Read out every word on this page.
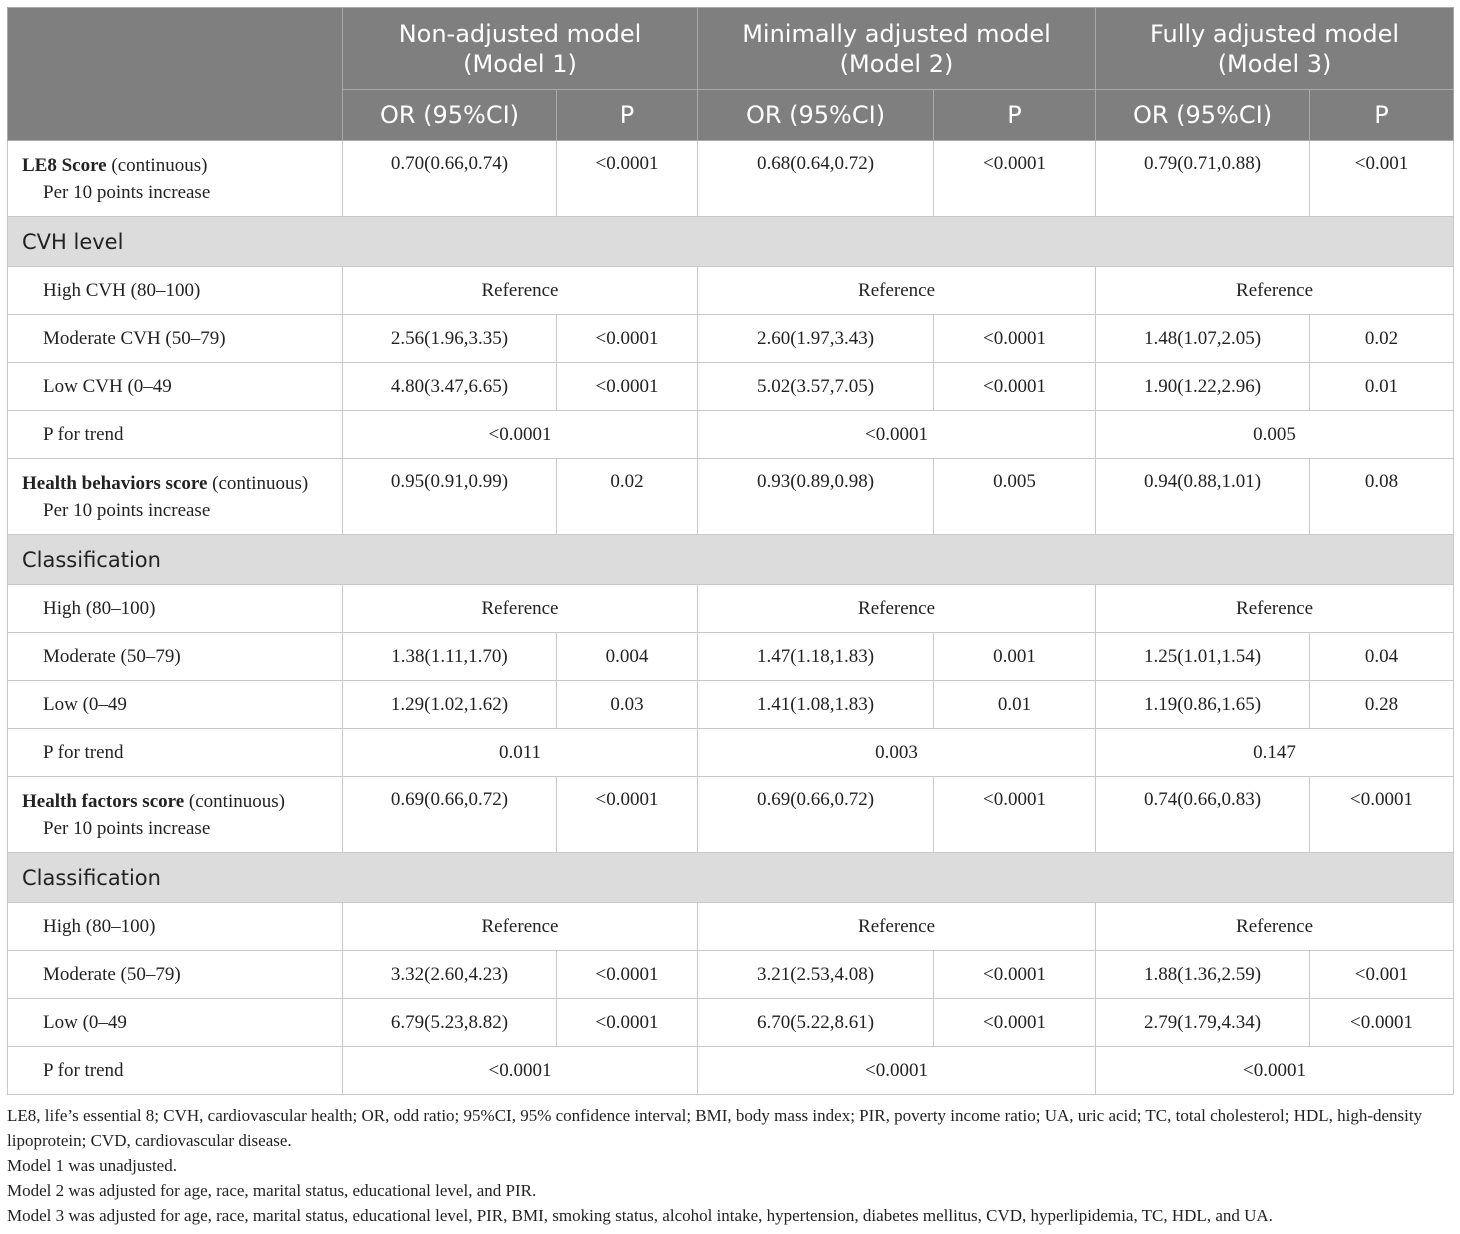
	Non-adjusted model
(Model 1)		Minimally adjusted model
(Model 2)		Fully adjusted model
(Model 3)	
	OR (95%CI)	P	OR (95%CI)	P	OR (95%CI)	P

LE8 Score (continuous)
Per 10 points increase	0.70(0.66,0.74)	<0.0001	0.68(0.64,0.72)	<0.0001	0.79(0.71,0.88)	<0.001
CVH level						
High CVH (80–100)	Reference		Reference		Reference	
Moderate CVH (50–79)	2.56(1.96,3.35)	<0.0001	2.60(1.97,3.43)	<0.0001	1.48(1.07,2.05)	0.02
Low CVH (0–49	4.80(3.47,6.65)	<0.0001	5.02(3.57,7.05)	<0.0001	1.90(1.22,2.96)	0.01
P for trend	<0.0001		<0.0001		0.005	

Health behaviors score (continuous)
Per 10 points increase	0.95(0.91,0.99)	0.02	0.93(0.89,0.98)	0.005	0.94(0.88,1.01)	0.08
Classification						
High (80–100)	Reference		Reference		Reference	
Moderate (50–79)	1.38(1.11,1.70)	0.004	1.47(1.18,1.83)	0.001	1.25(1.01,1.54)	0.04
Low (0–49	1.29(1.02,1.62)	0.03	1.41(1.08,1.83)	0.01	1.19(0.86,1.65)	0.28
P for trend	0.011		0.003		0.147	

Health factors score (continuous)
Per 10 points increase	0.69(0.66,0.72)	<0.0001	0.69(0.66,0.72)	<0.0001	0.74(0.66,0.83)	<0.0001
Classification						
High (80–100)	Reference		Reference		Reference	
Moderate (50–79)	3.32(2.60,4.23)	<0.0001	3.21(2.53,4.08)	<0.0001	1.88(1.36,2.59)	<0.001
Low (0–49	6.79(5.23,8.82)	<0.0001	6.70(5.22,8.61)	<0.0001	2.79(1.79,4.34)	<0.0001
P for trend	<0.0001		<0.0001		<0.0001	

LE8, life’s essential 8; CVH, cardiovascular health; OR, odd ratio; 95%CI, 95% confidence interval; BMI, body mass index; PIR, poverty income ratio; UA, uric acid; TC, total cholesterol; HDL, high-density lipoprotein; CVD, cardiovascular disease.

Model 1 was unadjusted.

Model 2 was adjusted for age, race, marital status, educational level, and PIR.

Model 3 was adjusted for age, race, marital status, educational level, PIR, BMI, smoking status, alcohol intake, hypertension, diabetes mellitus, CVD, hyperlipidemia, TC, HDL, and UA.
